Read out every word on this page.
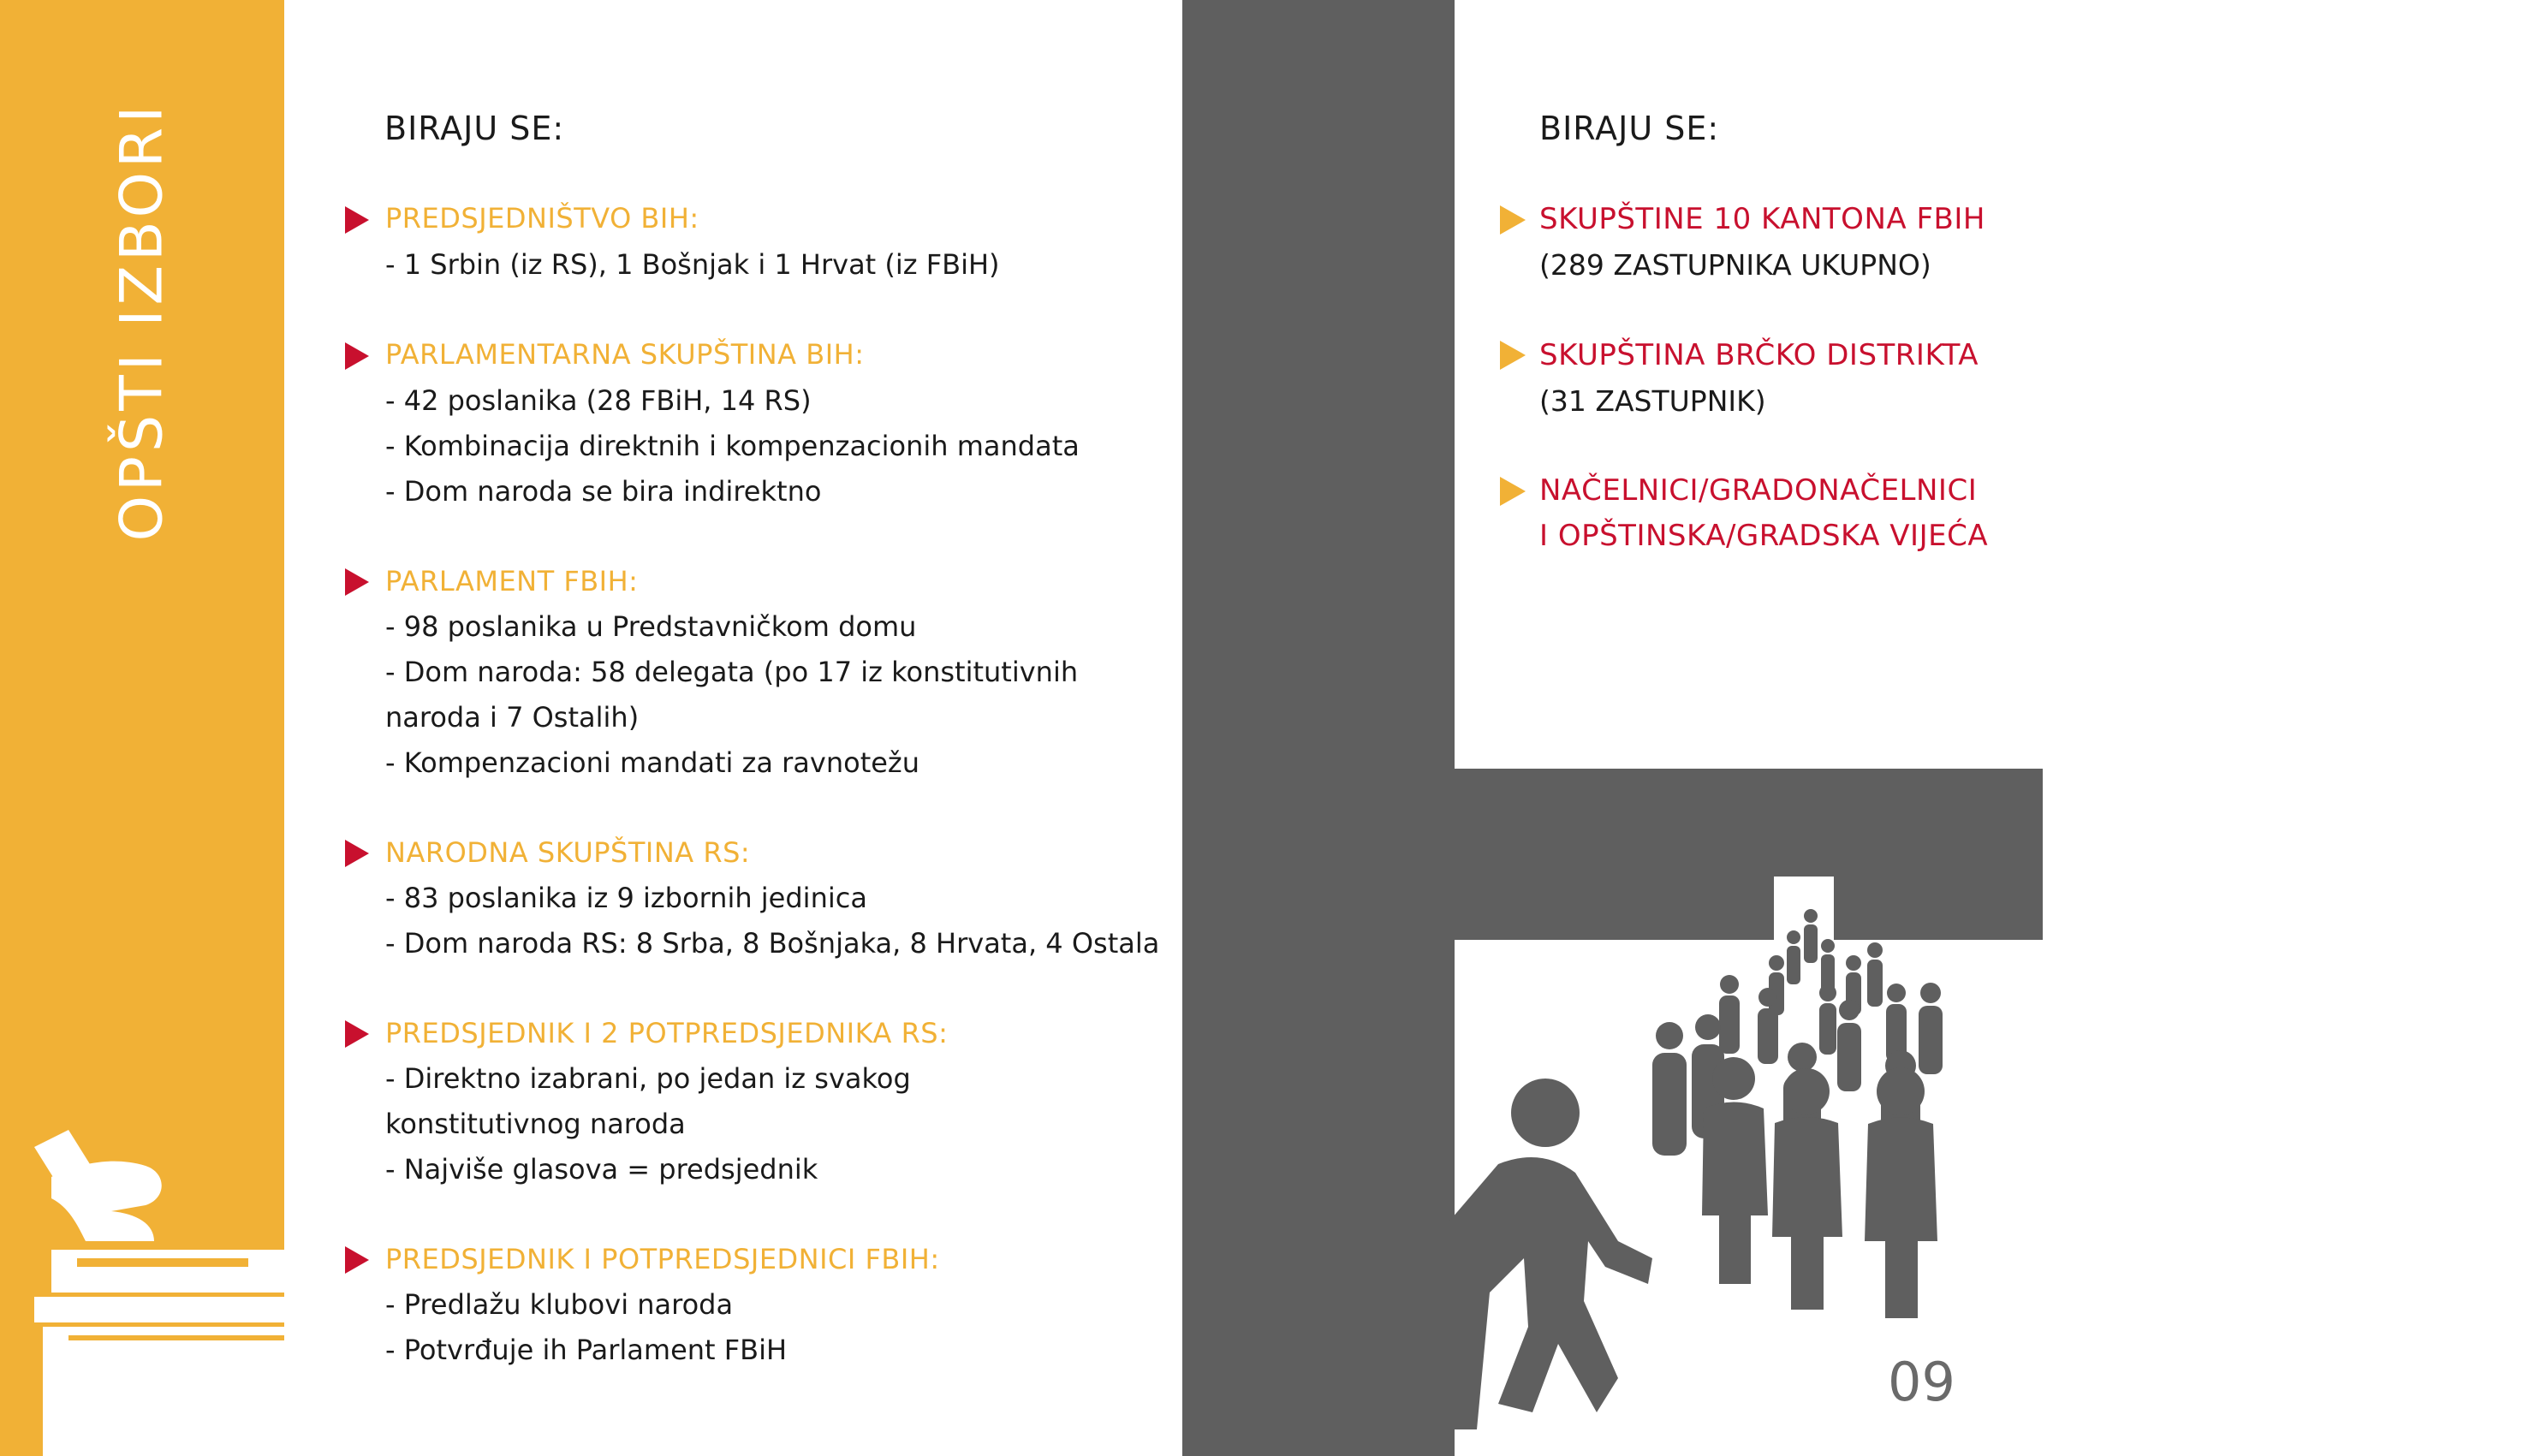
OPŠTI IZBORI	BIRAJU SE:
PREDSJEDNIŠTVO BIH:
- 1 Srbin (iz RS), 1 Bošnjak i 1 Hrvat (iz FBiH)
PARLAMENTARNA SKUPŠTINA BIH:
- 42 poslanika (28 FBiH, 14 RS)
- Kombinacija direktnih i kompenzacionih mandata
- Dom naroda se bira indirektno
PARLAMENT FBIH:
- 98 poslanika u Predstavničkom domu
- Dom naroda: 58 delegata (po 17 iz konstitutivnih
naroda i 7 Ostalih)
- Kompenzacioni mandati za ravnotežu
NARODNA SKUPŠTINA RS:
- 83 poslanika iz 9 izbornih jedinica
- Dom naroda RS: 8 Srba, 8 Bošnjaka, 8 Hrvata, 4 Ostala
PREDSJEDNIK I 2 POTPREDSJEDNIKA RS:
- Direktno izabrani, po jedan iz svakog
konstitutivnog naroda
- Najviše glasova = predsjednik
PREDSJEDNIK I POTPREDSJEDNICI FBIH:
- Predlažu klubovi naroda
- Potvrđuje ih Parlament FBiH
LOKALNI IZBORI
BIRAJU SE:
SKUPŠTINE 10 KANTONA FBIH
(289 ZASTUPNIKA UKUPNO)
SKUPŠTINA BRČKO DISTRIKTA
(31 ZASTUPNIK)
NAČELNICI/GRADONAČELNICI
I OPŠTINSKA/GRADSKA VIJEĆA
09
